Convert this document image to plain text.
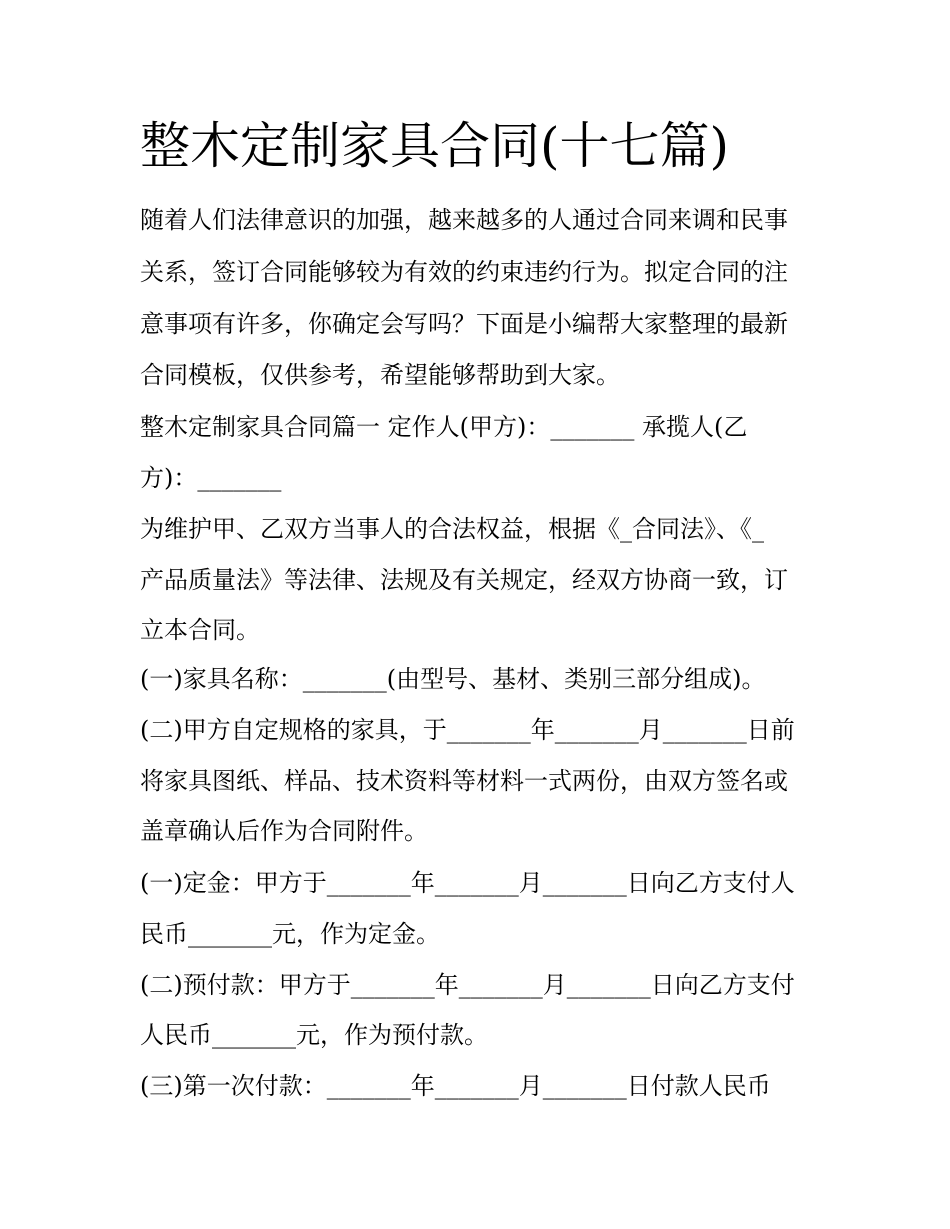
整木定制家具合同(十七篇)

随着人们法律意识的加强，越来越多的人通过合同来调和民事

关系，签订合同能够较为有效的约束违约行为。拟定合同的注

意事项有许多，你确定会写吗？下面是小编帮大家整理的最新

合同模板，仅供参考，希望能够帮助到大家。

整木定制家具合同篇一 定作人(甲方)：_______ 承揽人(乙

方)：_______

为维护甲、乙双方当事人的合法权益，根据《_合同法》、《_

产品质量法》等法律、法规及有关规定，经双方协商一致，订

立本合同。

(一)家具名称：_______(由型号、基材、类别三部分组成)。

(二)甲方自定规格的家具，于_______年_______月_______日前

将家具图纸、样品、技术资料等材料一式两份，由双方签名或

盖章确认后作为合同附件。

(一)定金：甲方于_______年_______月_______日向乙方支付人

民币_______元，作为定金。

(二)预付款：甲方于_______年_______月_______日向乙方支付

人民币_______元，作为预付款。

(三)第一次付款：_______年_______月_______日付款人民币
